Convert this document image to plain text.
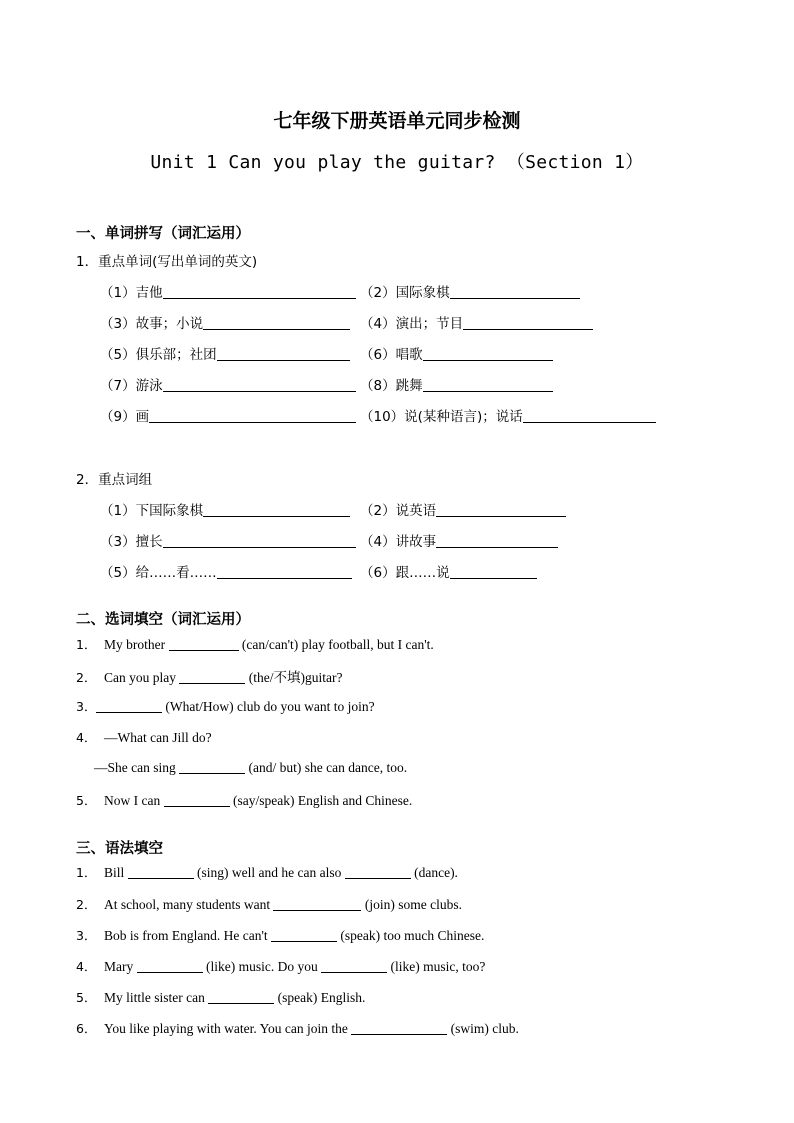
七年级下册英语单元同步检测
Unit 1 Can you play the guitar? （Section 1）
一、单词拼写（词汇运用）
1．重点单词(写出单词的英文)
（1）吉他	（2）国际象棋
（3）故事；小说	（4）演出；节目
（5）俱乐部；社团	（6）唱歌
（7）游泳	（8）跳舞
（9）画	（10）说(某种语言)；说话
2．重点词组
（1）下国际象棋	（2）说英语
（3）擅长	（4）讲故事
（5）给……看……	（6）跟……说
二、选词填空（词汇运用）
1． My brother	(can/can't) play football, but I can't.
2． Can you play	(the/不填)guitar?
3．	(What/How) club do you want to join?
4． —What can Jill do?
—She can sing	(and/ but) she can dance, too.
5． Now I can	(say/speak) English and Chinese.
三、语法填空
1． Bill	(sing) well and he can also	(dance).
2． At school, many students want	(join) some clubs.
3． Bob is from England. He can't	(speak) too much Chinese.
4． Mary	(like) music. Do you	(like) music, too?
5． My little sister can	(speak) English.
6． You like playing with water. You can join the	(swim) club.
